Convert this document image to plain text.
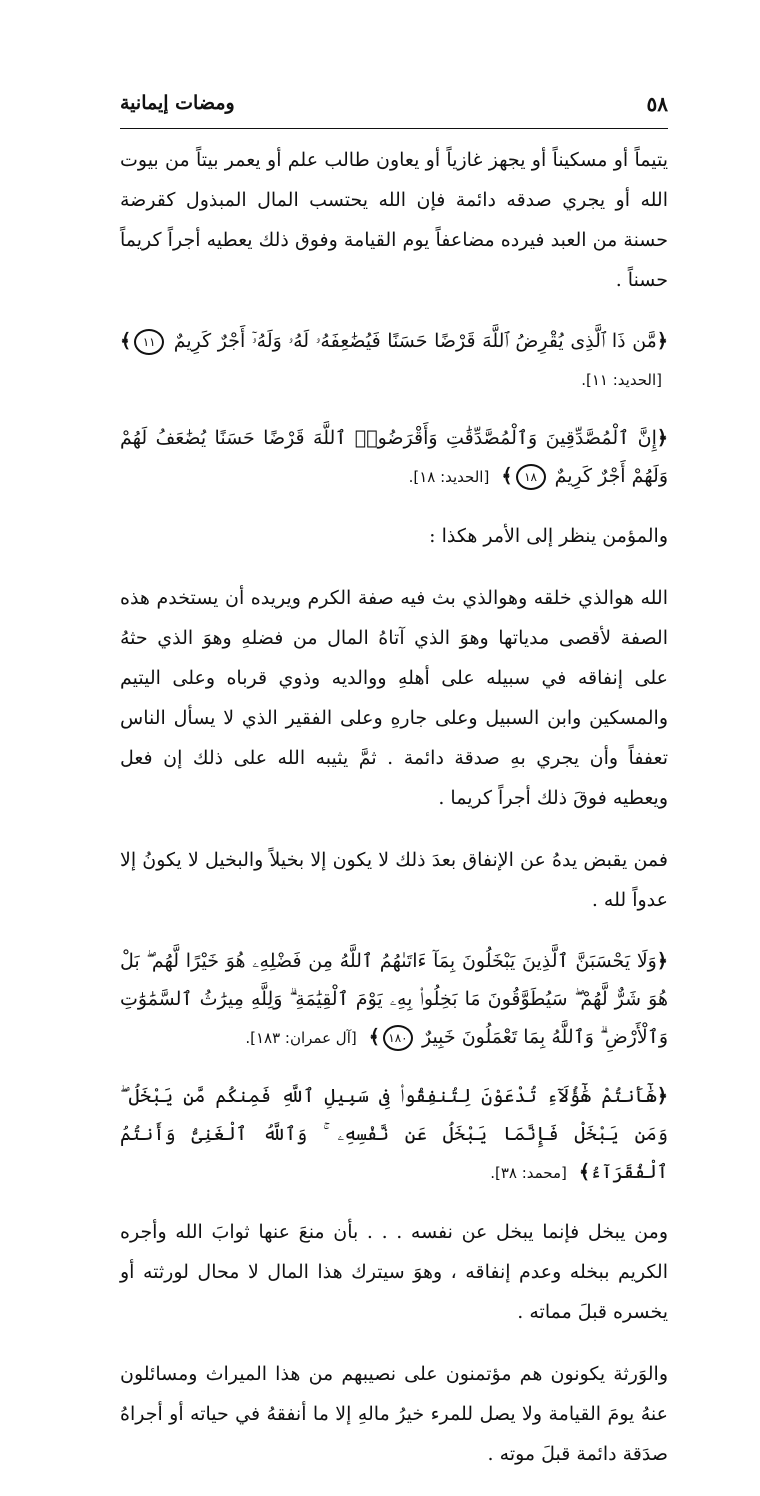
ومضات إيمانية	٥٨

يتيماً أو مسكيناً أو يجهز غازياً أو يعاون طالب علم أو يعمر بيتاً من بيوت الله أو يجري صدقه دائمة فإن الله يحتسب المال المبذول كقرضة حسنة من العبد فيرده مضاعفاً يوم القيامة وفوق ذلك يعطيه أجراً كريماً حسناً .

﴿مَّن ذَا ٱلَّذِى يُقْرِضُ ٱللَّهَ قَرْضًا حَسَنًا فَيُضَٰعِفَهُۥ لَهُۥ وَلَهُۥٓ أَجْرٌ كَرِيمٌ ١١﴾ [الحديد: ١١].

﴿إِنَّ ٱلْمُصَّدِّقِينَ وَٱلْمُصَّدِّقَٰتِ وَأَقْرَضُوا۟ ٱللَّهَ قَرْضًا حَسَنًا يُضَٰعَفُ لَهُمْ وَلَهُمْ أَجْرٌ كَرِيمٌ ١٨﴾ [الحديد: ١٨].

والمؤمن ينظر إلى الأمر هكذا :

الله هوالذي خلقه وهوالذي بث فيه صفة الكرم ويريده أن يستخدم هذه الصفة لأقصى مدياتها وهوَ الذي آتاهُ المال من فضلهِ وهوَ الذي حثهُ على إنفاقه في سبيله على أهلهِ ووالديه وذوي قرباه وعلى اليتيم والمسكين وابن السبيل وعلى جارهِ وعلى الفقير الذي لا يسأل الناس تعففاً وأن يجري بهِ صدقة دائمة . ثمَّ يثيبه الله على ذلك إن فعل ويعطيه فوقَ ذلك أجراً كريما .

فمن يقبض يدهُ عن الإنفاق بعدَ ذلك لا يكون إلا بخيلاً والبخيل لا يكونُ إلا عدواً لله .

﴿وَلَا يَحْسَبَنَّ ٱلَّذِينَ يَبْخَلُونَ بِمَآ ءَاتَىٰهُمُ ٱللَّهُ مِن فَضْلِهِۦ هُوَ خَيْرًا لَّهُم ۖ بَلْ هُوَ شَرٌّ لَّهُمْ ۖ سَيُطَوَّقُونَ مَا بَخِلُوا۟ بِهِۦ يَوْمَ ٱلْقِيَٰمَةِ ۗ وَلِلَّهِ مِيرَٰثُ ٱلسَّمَٰوَٰتِ وَٱلْأَرْضِ ۗ وَٱللَّهُ بِمَا تَعْمَلُونَ خَبِيرٌ ١٨٠﴾ [آل عمران: ١٨٣].

﴿هَٰٓأَنتُمْ هَٰٓؤُلَآءِ تُدْعَوْنَ لِتُنفِقُوا۟ فِى سَبِيلِ ٱللَّهِ فَمِنكُم مَّن يَبْخَلُ ۖ وَمَن يَبْخَلْ فَإِنَّمَا يَبْخَلُ عَن نَّفْسِهِۦ ۚ وَٱللَّهُ ٱلْغَنِىُّ وَأَنتُمُ ٱلْفُقَرَآءُ﴾ [محمد: ٣٨].

ومن يبخل فإنما يبخل عن نفسه . . . بأن منعَ عنها ثوابَ الله وأجره الكريم ببخله وعدم إنفاقه ، وهوَ سيترك هذا المال لا محال لورثته أو يخسره قبلَ مماته .

والوَرثة يكونون هم مؤتمنون على نصيبهم من هذا الميراث ومسائلون عنهُ يومَ القيامة ولا يصل للمرء خيرُ مالهِ إلا ما أنفقهُ في حياته أو أجراهُ صدَقة دائمة قبلَ موته .
